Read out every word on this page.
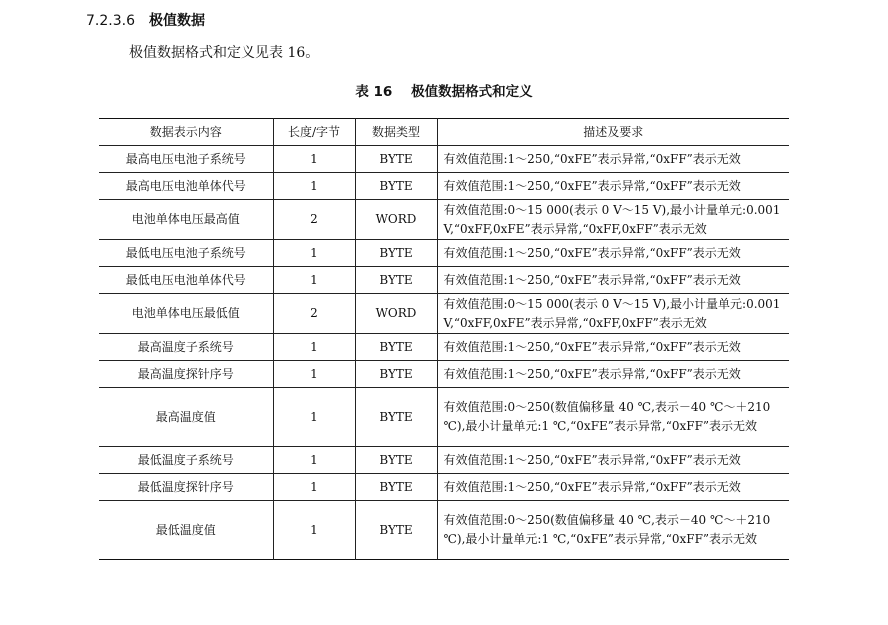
7.2.3.6 极值数据
极值数据格式和定义见表 16。
表 16    极值数据格式和定义
数据表示内容	长度/字节	数据类型	描述及要求
最高电压电池子系统号	1	BYTE	有效值范围:1～250,“0xFE”表示异常,“0xFF”表示无效
最高电压电池单体代号	1	BYTE	有效值范围:1～250,“0xFE”表示异常,“0xFF”表示无效
电池单体电压最高值	2	WORD	有效值范围:0～15 000(表示 0 V～15 V),最小计量单元:0.001 V,“0xFF,0xFE”表示异常,“0xFF,0xFF”表示无效
最低电压电池子系统号	1	BYTE	有效值范围:1～250,“0xFE”表示异常,“0xFF”表示无效
最低电压电池单体代号	1	BYTE	有效值范围:1～250,“0xFE”表示异常,“0xFF”表示无效
电池单体电压最低值	2	WORD	有效值范围:0～15 000(表示 0 V～15 V),最小计量单元:0.001 V,“0xFF,0xFE”表示异常,“0xFF,0xFF”表示无效
最高温度子系统号	1	BYTE	有效值范围:1～250,“0xFE”表示异常,“0xFF”表示无效
最高温度探针序号	1	BYTE	有效值范围:1～250,“0xFE”表示异常,“0xFF”表示无效
最高温度值	1	BYTE	有效值范围:0～250(数值偏移量 40 ℃,表示－40 ℃～＋210 ℃),最小计量单元:1 ℃,“0xFE”表示异常,“0xFF”表示无效
最低温度子系统号	1	BYTE	有效值范围:1～250,“0xFE”表示异常,“0xFF”表示无效
最低温度探针序号	1	BYTE	有效值范围:1～250,“0xFE”表示异常,“0xFF”表示无效
最低温度值	1	BYTE	有效值范围:0～250(数值偏移量 40 ℃,表示－40 ℃～＋210 ℃),最小计量单元:1 ℃,“0xFE”表示异常,“0xFF”表示无效
